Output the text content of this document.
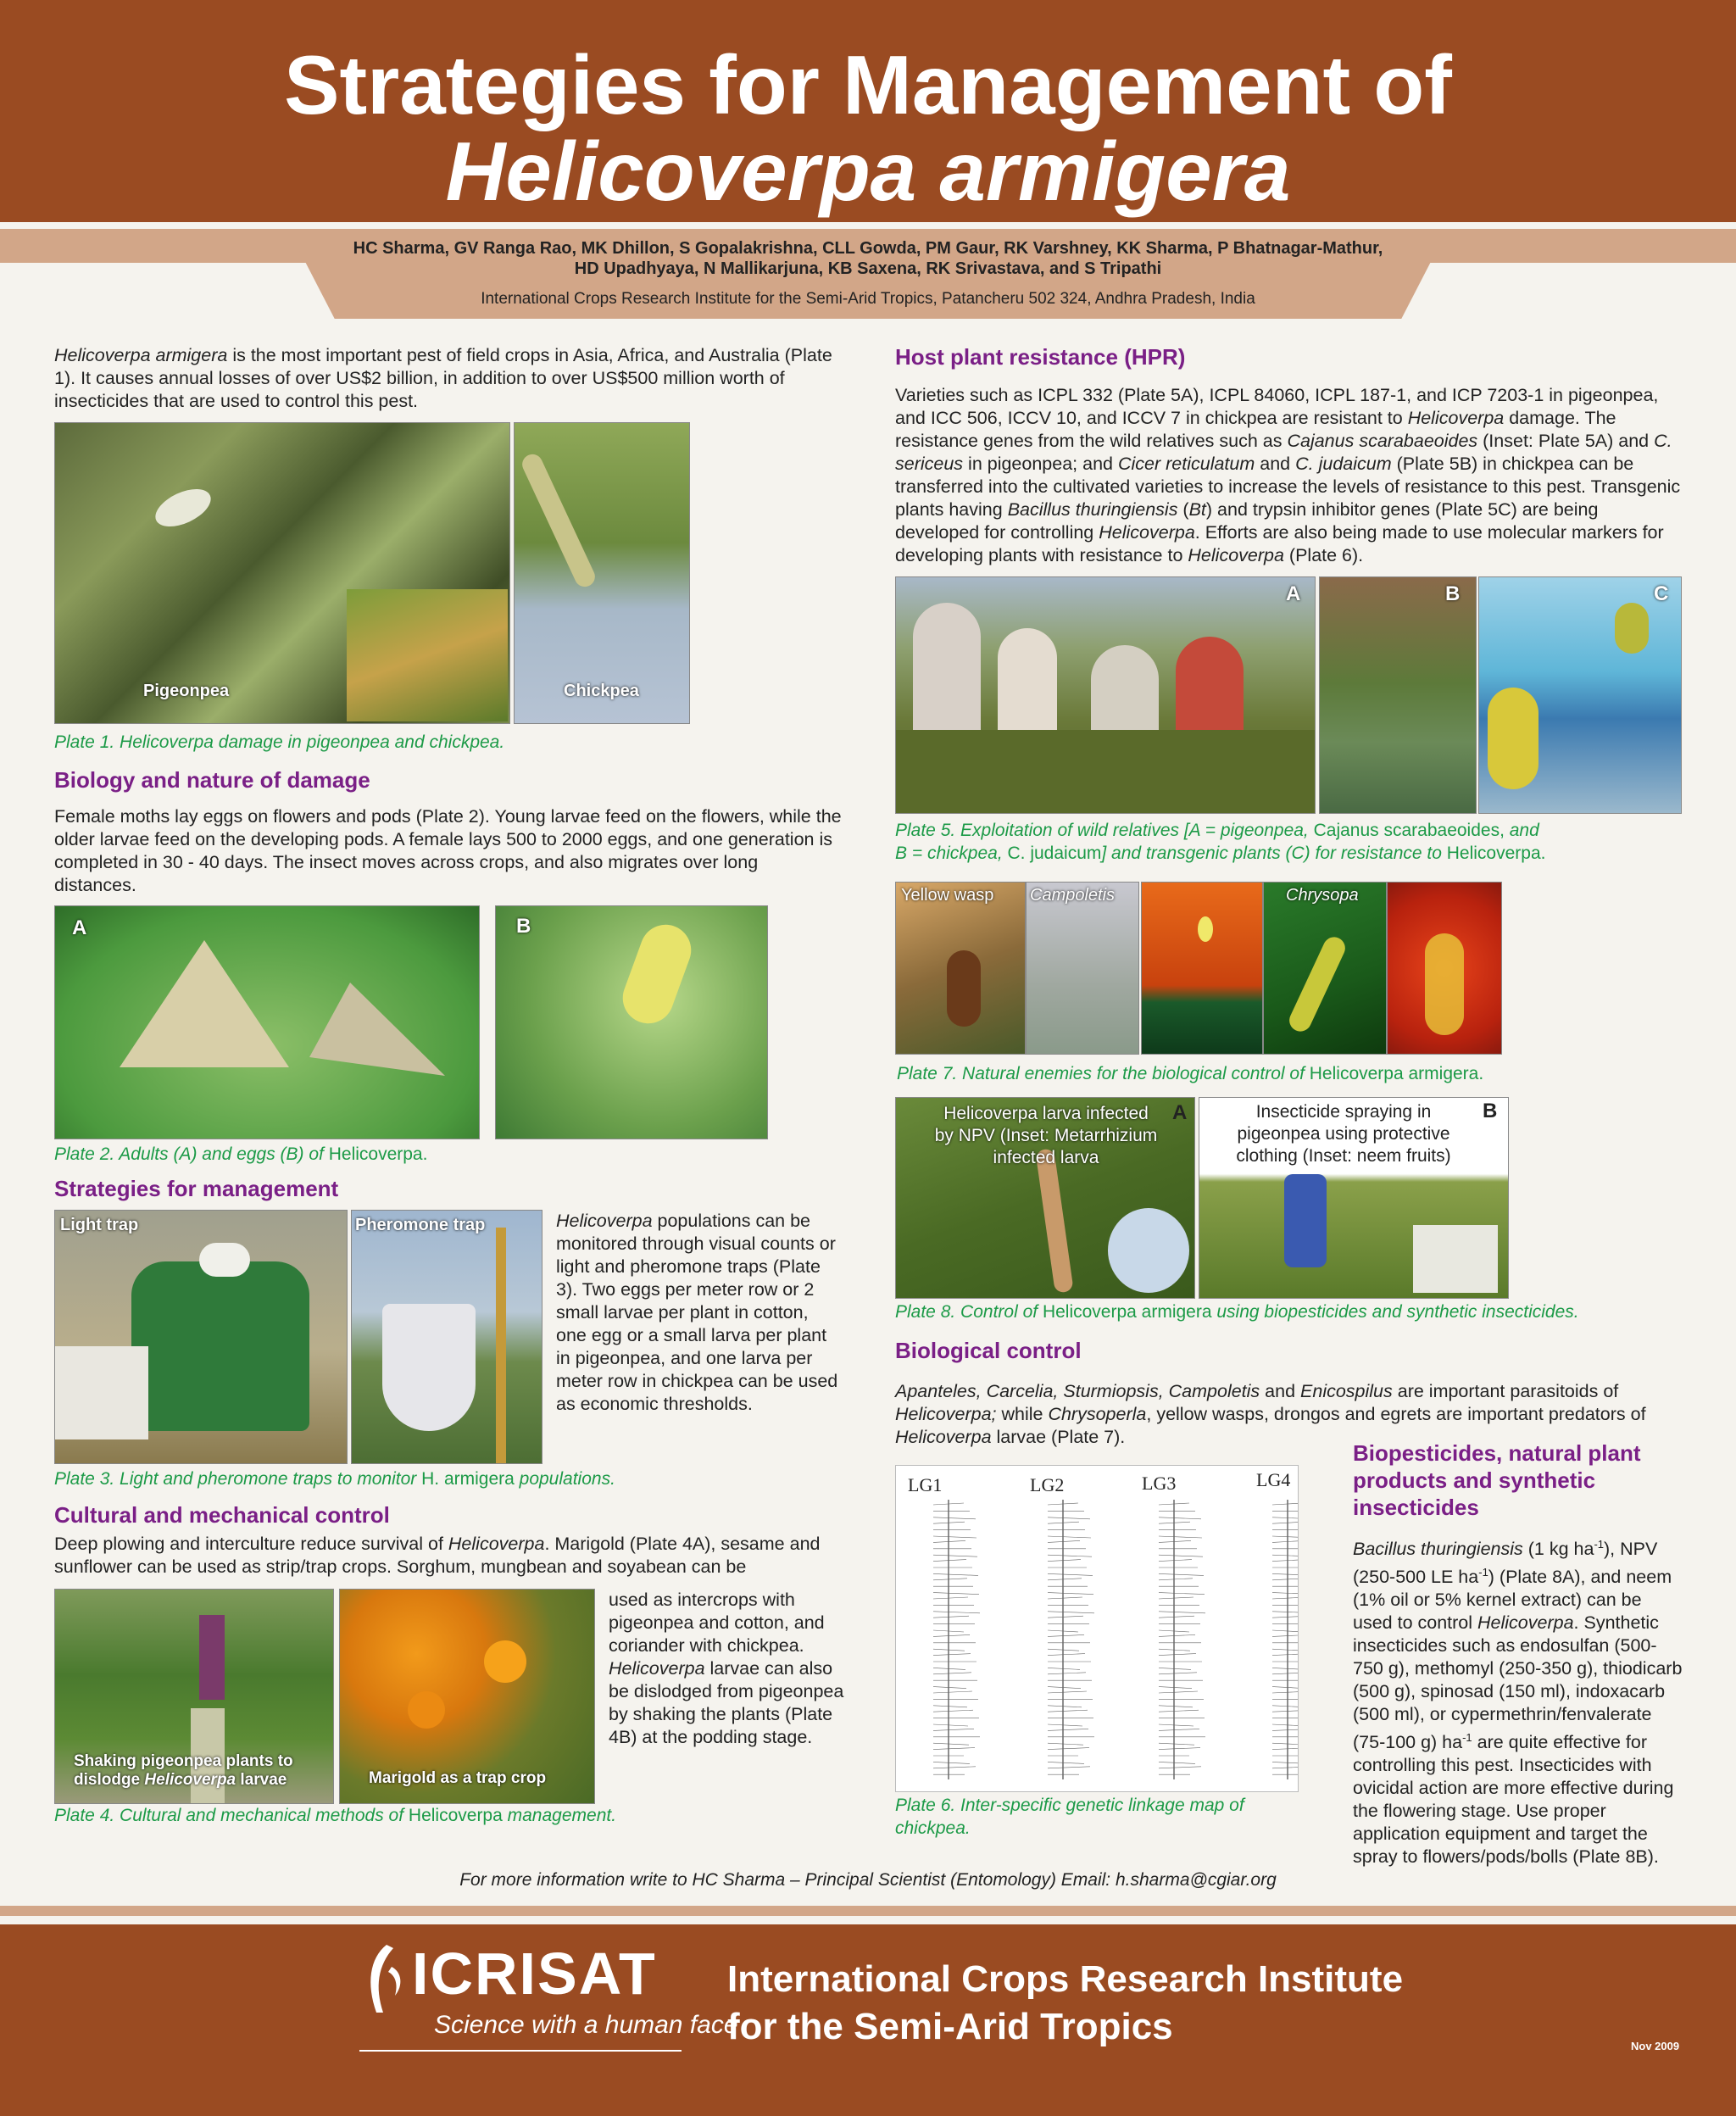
Strategies for Management of
Helicoverpa armigera
HC Sharma, GV Ranga Rao, MK Dhillon, S Gopalakrishna, CLL Gowda, PM Gaur, RK Varshney, KK Sharma, P Bhatnagar-Mathur,
HD Upadhyaya, N Mallikarjuna, KB Saxena, RK Srivastava, and S Tripathi
International Crops Research Institute for the Semi-Arid Tropics, Patancheru 502 324, Andhra Pradesh, India
Helicoverpa armigera is the most important pest of field crops in Asia, Africa, and Australia (Plate 1). It causes annual losses of over US$2 billion, in addition to over US$500 million worth of insecticides that are used to control this pest.
Pigeonpea	Chickpea
Plate 1. Helicoverpa damage in pigeonpea and chickpea.
Biology and nature of damage
Female moths lay eggs on flowers and pods (Plate 2). Young larvae feed on the flowers, while the older larvae feed on the developing pods. A female lays 500 to 2000 eggs, and one generation is completed in 30 - 40 days. The insect moves across crops, and also migrates over long distances.
A	B
Plate 2. Adults (A) and eggs (B) of Helicoverpa.
Strategies for management
Light trap	Pheromone trap	Helicoverpa populations can be monitored through visual counts or light and pheromone traps (Plate 3). Two eggs per meter row or 2 small larvae per plant in cotton, one egg or a small larva per plant in pigeonpea, and one larva per meter row in chickpea can be used as economic thresholds.
Plate 3. Light and pheromone traps to monitor H. armigera populations.
Cultural and mechanical control
Deep plowing and interculture reduce survival of Helicoverpa. Marigold (Plate 4A), sesame and sunflower can be used as strip/trap crops. Sorghum, mungbean and soyabean can be
Shaking pigeonpea plants to
dislodge Helicoverpa larvae	Marigold as a trap crop
used as intercrops with pigeonpea and cotton, and coriander with chickpea. Helicoverpa larvae can also be dislodged from pigeonpea by shaking the plants (Plate 4B) at the podding stage.
Plate 4. Cultural and mechanical methods of Helicoverpa management.
Host plant resistance (HPR)
Varieties such as ICPL 332 (Plate 5A), ICPL 84060, ICPL 187-1, and ICP 7203-1 in pigeonpea, and ICC 506, ICCV 10, and ICCV 7 in chickpea are resistant to Helicoverpa damage. The resistance genes from the wild relatives such as Cajanus scarabaeoides (Inset: Plate 5A) and C. sericeus in pigeonpea; and Cicer reticulatum and C. judaicum (Plate 5B) in chickpea can be transferred into the cultivated varieties to increase the levels of resistance to this pest. Transgenic plants having Bacillus thuringiensis (Bt) and trypsin inhibitor genes (Plate 5C) are being developed for controlling Helicoverpa. Efforts are also being made to use molecular markers for developing plants with resistance to Helicoverpa (Plate 6).
A	B	C
Plate 5. Exploitation of wild relatives [A = pigeonpea, Cajanus scarabaeoides, and
B = chickpea, C. judaicum] and transgenic plants (C) for resistance to Helicoverpa.
Yellow wasp Campoletis	Chrysopa
Plate 7. Natural enemies for the biological control of Helicoverpa armigera.
Helicoverpa larva infected
by NPV (Inset: Metarrhizium
infected larva
A	Insecticide spraying in
pigeonpea using protective
clothing (Inset: neem fruits)
B
Plate 8. Control of Helicoverpa armigera using biopesticides and synthetic insecticides.
Biological control
Apanteles, Carcelia, Sturmiopsis, Campoletis and Enicospilus are important parasitoids of Helicoverpa; while Chrysoperla, yellow wasps, drongos and egrets are important predators of Helicoverpa larvae (Plate 7).
LG1	LG2	LG3	LG4
Plate 6. Inter-specific genetic linkage map of
chickpea.
Biopesticides, natural plant
products and synthetic
insecticides
Bacillus thuringiensis (1 kg $ha^{-1}$), NPV (250-500 LE $ha^{-1}$) (Plate 8A), and neem (1% oil or 5% kernel extract) can be used to control Helicoverpa. Synthetic insecticides such as endosulfan (500-750 g), methomyl (250-350 g), thiodicarb (500 g), spinosad (150 ml), indoxacarb (500 ml), or cypermethrin/fenvalerate (75-100 g) $ha^{-1}$ are quite effective for controlling this pest. Insecticides with ovicidal action are more effective during the flowering stage. Use proper application equipment and target the spray to flowers/pods/bolls (Plate 8B).
For more information write to HC Sharma – Principal Scientist (Entomology) Email: h.sharma@cgiar.org
ICRISAT
Science with a human face
International Crops Research Institute
for the Semi-Arid Tropics	Nov 2009
